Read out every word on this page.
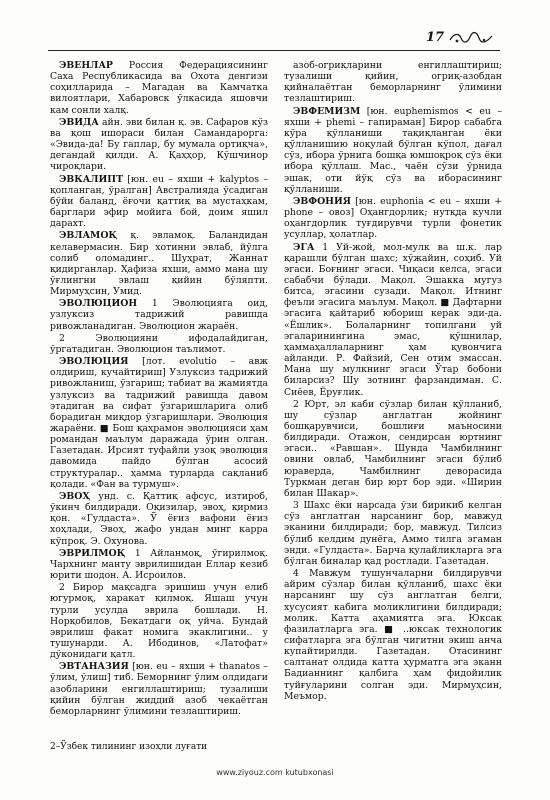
17

ЭВЕНЛАР Россия Федерациясининг Саха Республикасида ва Охота денгизи соҳилларида – Магадан ва Камчатка вилоятлари, Хабаровск ўлкасида яшовчи кам сонли халқ.

ЭВИДА айн. эви билан қ. эв. Сафаров кўз ва қош ишораси билан Самандарорга: «Эвида-да! Бу гаплар, бу мумала ортиқча», дегандай қилди. А. Қаҳҳор, Кўшчинор чироқлари.

ЭВКАЛИПТ [юн. eu – яхши + kalyptos – қопланган, ўралган] Австралияда ўсадиган бўйи баланд, ёғочи қаттиқ ва мустаҳкам, барглари эфир мойига бой, доим яшил дарахт.

ЭВЛАМОҚ қ. эвламоқ. Баландидан келавермасин. Бир хотинни эвлаб, йўлга солиб оломадинг.. Шуҳрат, Жаннат қидирганлар. Ҳафиза яхши, аммо мана шу ўғлингни эвлаш қийин бўляпти. Мирмуҳсин, Умид.

ЭВОЛЮЦИОН 1 Эволюцияга оид, узлуксиз тадрижий равишда ривожланадиган. Эволюцион жараён.

2 Эволюцияни ифодалайдиган, ўргатадиган. Эволюцион таълимот.

ЭВОЛЮЦИЯ [лот. evolutio – авж олдириш, кучайтириш] Узлуксиз тадрижий ривожланиш, ўзгариш; табиат ва жамиятда узлуксиз ва тадрижий равишда давом этадиган ва сифат ўзгаришларига олиб борадиган миқдор ўзгаришлари. Эволюция жараёни. ■ Бош қаҳрамон эволюцияси ҳам романдан маълум даражада ўрин олган. Газетадан. Ирсият туфайли узоқ эволюция давомида пайдо бўлган асосий структуралар.. ҳамма турларда сақланиб қолади. «Фан ва турмуш».

ЭВОҲ унд. с. Қаттиқ афсус, изтироб, ўкинч билдиради. Оқизилар, эвоҳ, қирмиз қон. «Гулдаста». Ў ёғиз вафони ёғиз хоҳлади, Эвоҳ, жафо ундан минг карра кўпроқ. Э. Охунова.

ЭВРИЛМОҚ 1 Айланмоқ, ўгирилмоқ. Чархнинг манту эврилишидан Еллар кезиб юрити шодон. А. Исроилов.

2 Бирор мақсадга эришиш учун елиб югурмоқ, харакат қилмоқ. Яшаш учун турли усулда эврила бошлади. Н. Норқобилов, Бекатдаги оқ уйча. Бундай эврилиш факат номига экаклигини.. у тушунарди. А. Ибодинов, «Латофат» дўконидаги қатл.

ЭВТАНАЗИЯ [юн. eu – яхши + thanatos – ўлим, ўлиш] тиб. Беморнинг ўлим олдидаги азобларини енгиллаштириш; тузалиши қийин бўлган жиддий азоб чекаётган беморларнинг ўлимини тезлаштириш.

азоб-огриқларини енгиллаштириш; тузалиши қийин, огриқ-азобдан қийналаётган беморларнинг ўлимини тезлаштириш.

ЭВФЕМИЗМ [юн. euphemismos < eu – яхши + phemi – гапираман] Бирор сабабга кўра қўлланиши тақиқланган ёки қўлланишию ноқулай бўлган кўпол, дағал сўз, ибора ўрнига бошқа юмшоқроқ сўз ёки ибора қўллаш. Мас., чаён сўзи ўрнида эшак, оти йўқ сўз ва иборасининг қўлланиши.

ЭВФОНИЯ [юн. euphonia < eu – яхши + phone – овоз] Оҳангдорлик; нутқда кучли оҳангдорлик туғдирувчи турли фонетик усуллар, ҳолатлар.

ЭГА 1 Уй-жой, мол-мулк ва ш.к. лар қарашли бўлган шахс; хўжайин, соҳиб. Уй эгаси. Боғнинг эгаси. Чиқаси келса, эгаси сабабчи бўлади. Мақол. Эшакка мугуз битса, эгасини сузади. Мақол. Итнинг феъли эгасига маълум. Мақол. ■ Дафтарни эгасига қайтариб юбориш керак эди-да. «Ёшлик». Болаларнинг топилгани уй эгаларинингина эмас, қўшнилар, ҳаммаҳаллаларнинг ҳам қувончига айланди. Р. Файзий, Сен отим эмассан. Мана шу мулкнинг эгаси Ўтар бобони биларсиз? Шу зотнинг фарзандиман. С. Сиёев, Ёруғлик.

2 Юрт, эл каби сўзлар билан қўлланиб, шу сўзлар англатган жойнинг бошқарувчиси, бошлиғи маъносини билдиради. Отажон, сендирсан юртнинг эгаси.. «Равшан». Шунда Чамбилнинг овини овлаб, Чамбилнинг эгаси бўлиб юраверда, Чамбилнинг деворасида Туркман деган бир юрт бор эди. «Ширин билан Шакар».

3 Шахс ёки нарсада ўзи бирикиб келган сўз англатган нарсанинг бор, мавжуд эканини билдиради; бор, мавжуд. Тилсиз бўлиб келдим дунёга, Аммо тилга эгаман энди. «Гулдаста». Барча қулайликларга эга бўлган биналар қад ростлади. Газетадан.

4 Мавжум тушунчаларни билдирувчи айрим сўзлар билан қўлланиб, шахс ёки нарсанинг шу сўз англатган белги, хусусият кабига моликлигини билдиради; молик. Катта аҳамиятга эга. Юксак фазилатларга эга. ■ ..юксак технологик сифатларга эга бўлган чигитни экиш анча купайтирилди. Газетадан. Отасининг салтанат олдида катта ҳурматга эга эканн Бадианнинг қалбига ҳам фидойилик туйғуларини солган эди. Мирмуҳсин, Меъмор.

2–Ўзбек тилининг изоҳли луғати
www.ziyouz.com kutubxonasi
